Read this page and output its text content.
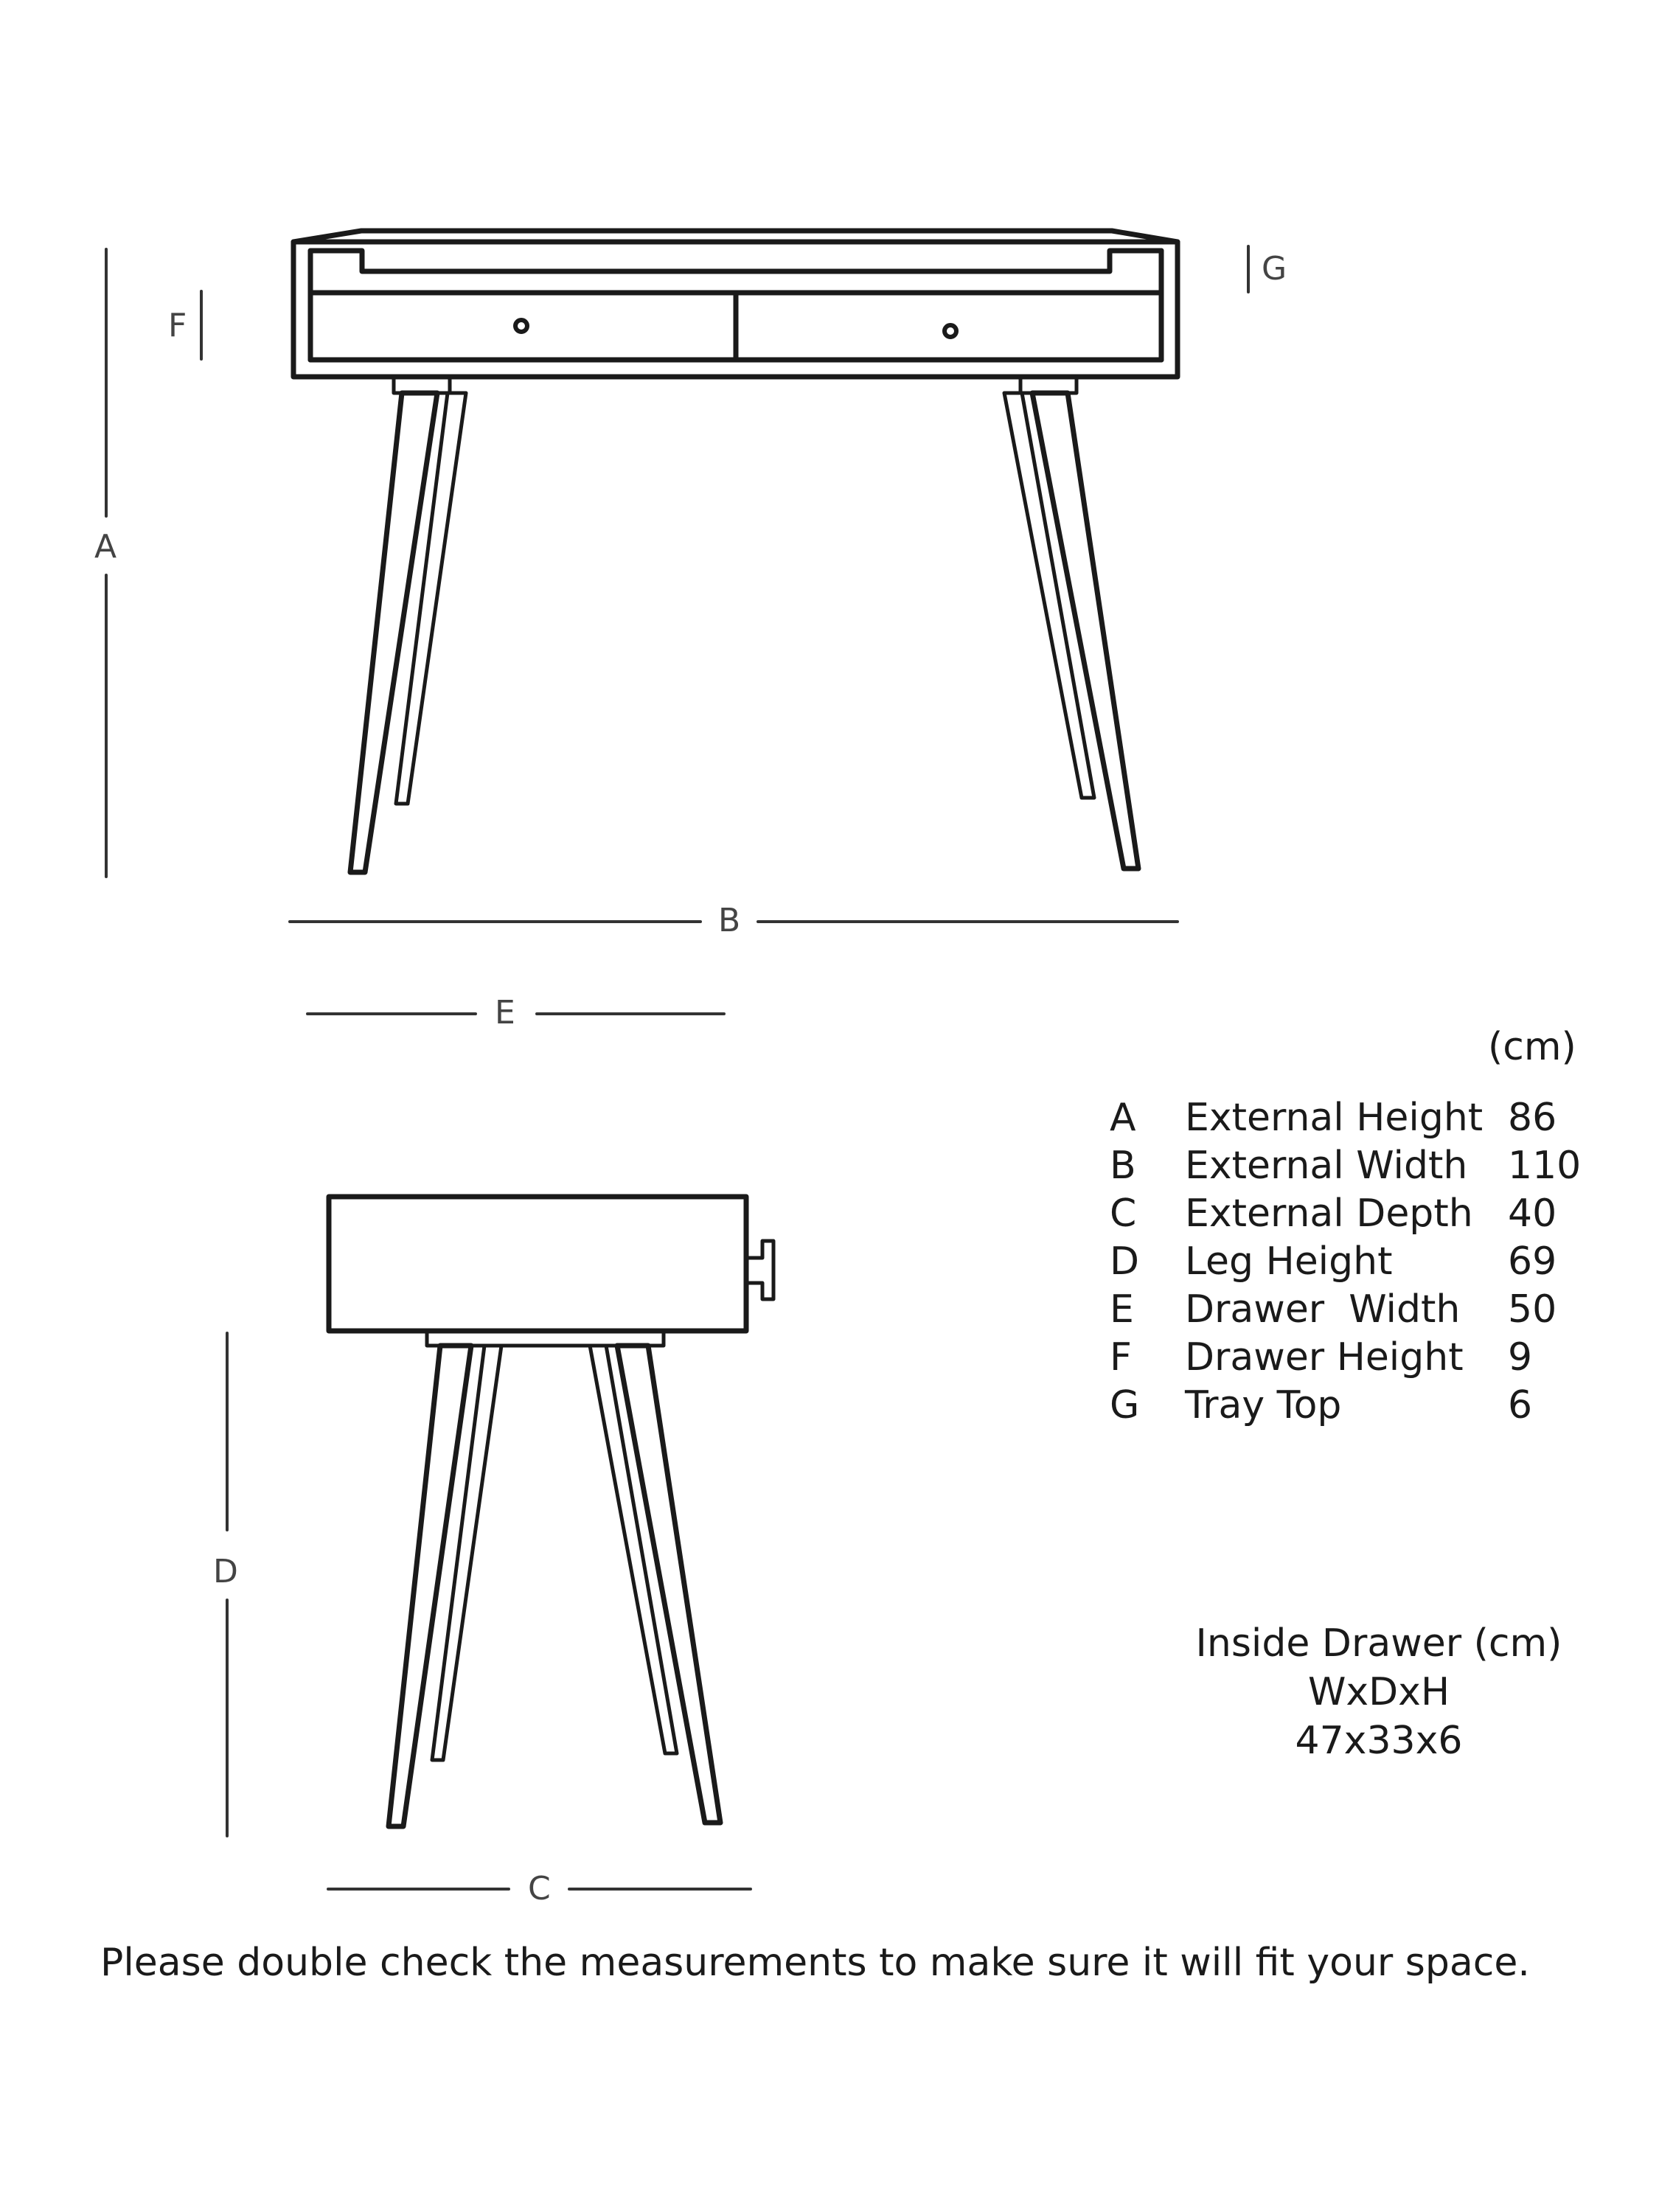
A
F
G
B
E
D
C
(cm)
A	External Height 86
B	External Width 110
C	External Depth 40
D	Leg Height	69
E	Drawer  Width 50
F	Drawer Height 9
G	Tray Top	6
Inside Drawer (cm)
WxDxH
47x33x6
Please double check the measurements to make sure it will fit your space.
